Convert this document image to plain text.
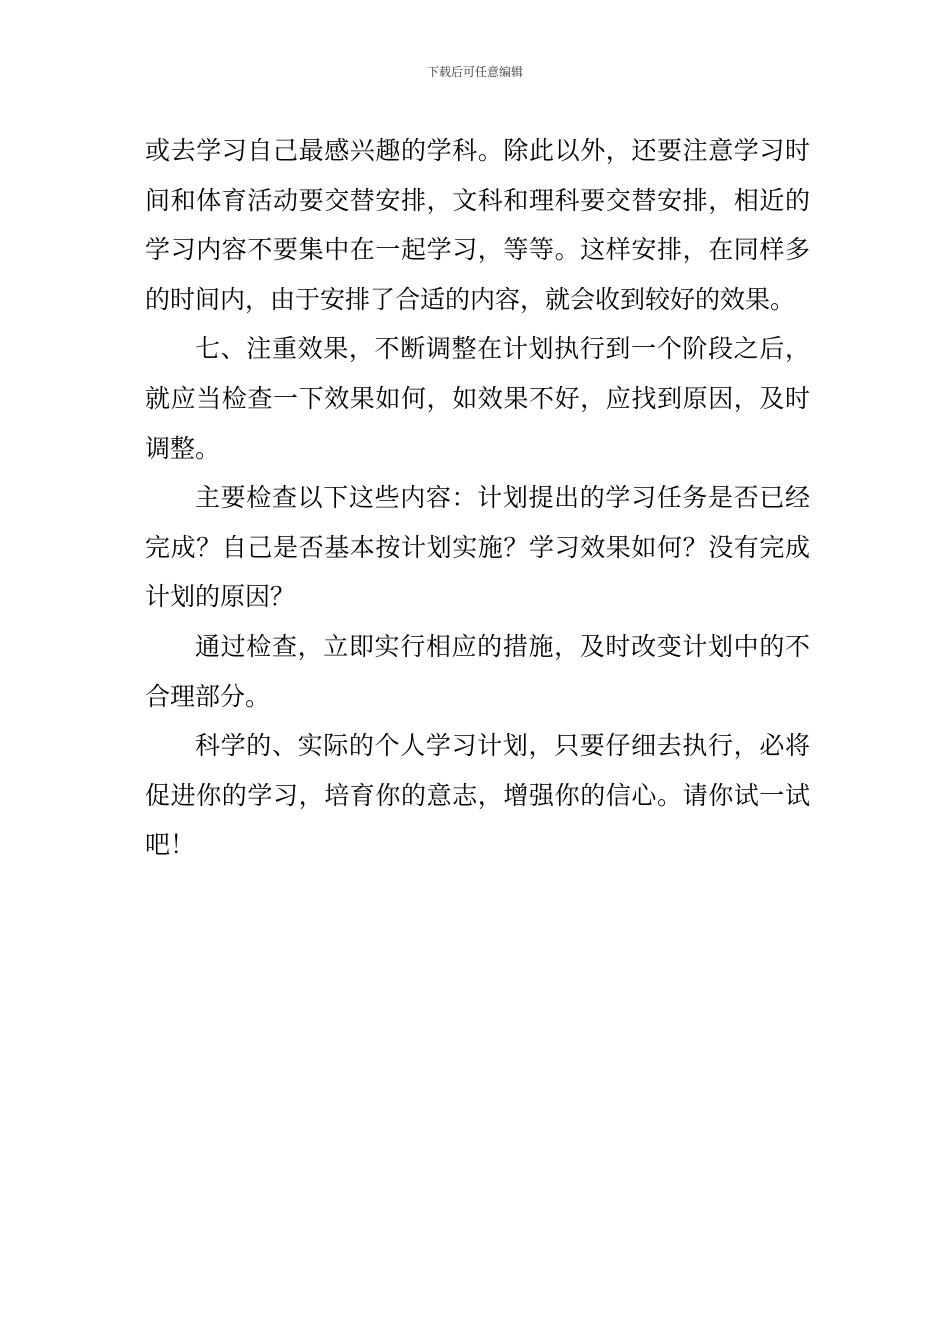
下载后可任意编辑

或去学习自己最感兴趣的学科。除此以外，还要注意学习时间和体育活动要交替安排，文科和理科要交替安排，相近的学习内容不要集中在一起学习，等等。这样安排，在同样多的时间内，由于安排了合适的内容，就会收到较好的效果。

七、注重效果，不断调整在计划执行到一个阶段之后，就应当检查一下效果如何，如效果不好，应找到原因，及时调整。

主要检查以下这些内容：计划提出的学习任务是否已经完成？自己是否基本按计划实施？学习效果如何？没有完成计划的原因？

通过检查，立即实行相应的措施，及时改变计划中的不合理部分。

科学的、实际的个人学习计划，只要仔细去执行，必将促进你的学习，培育你的意志，增强你的信心。请你试一试吧！
